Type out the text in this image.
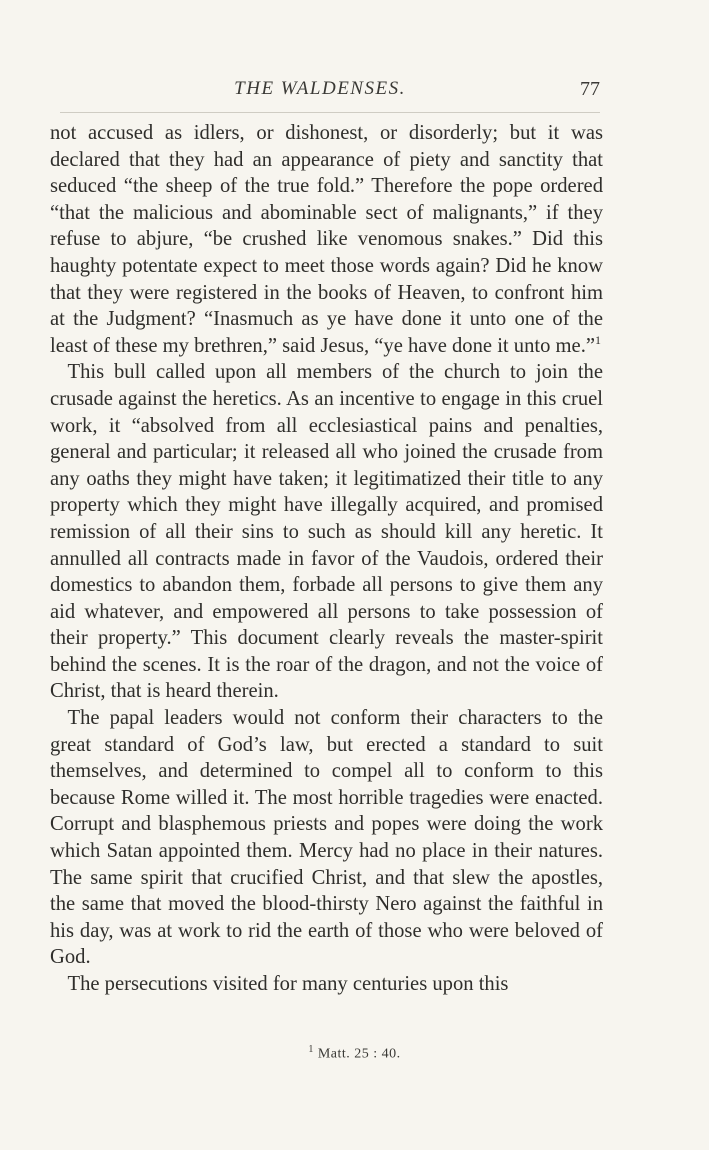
THE WALDENSES.	77

not accused as idlers, or dishonest, or disorderly; but it was declared that they had an appearance of piety and sanctity that seduced “the sheep of the true fold.” Therefore the pope ordered “that the malicious and abominable sect of malignants,” if they refuse to abjure, “be crushed like venomous snakes.” Did this haughty potentate expect to meet those words again? Did he know that they were registered in the books of Heaven, to confront him at the Judgment? “Inasmuch as ye have done it unto one of the least of these my brethren,” said Jesus, “ye have done it unto me.”$^1$

This bull called upon all members of the church to join the crusade against the heretics. As an incentive to engage in this cruel work, it “absolved from all ecclesiastical pains and penalties, general and particular; it released all who joined the crusade from any oaths they might have taken; it legitimatized their title to any property which they might have illegally acquired, and promised remission of all their sins to such as should kill any heretic. It annulled all contracts made in favor of the Vaudois, ordered their domestics to abandon them, forbade all persons to give them any aid whatever, and empowered all persons to take possession of their property.” This document clearly reveals the master-spirit behind the scenes. It is the roar of the dragon, and not the voice of Christ, that is heard therein.

The papal leaders would not conform their characters to the great standard of God’s law, but erected a standard to suit themselves, and determined to compel all to conform to this because Rome willed it. The most horrible tragedies were enacted. Corrupt and blasphemous priests and popes were doing the work which Satan appointed them. Mercy had no place in their natures. The same spirit that crucified Christ, and that slew the apostles, the same that moved the blood-thirsty Nero against the faithful in his day, was at work to rid the earth of those who were beloved of God.

The persecutions visited for many centuries upon this

$^1$ Matt. 25 : 40.
